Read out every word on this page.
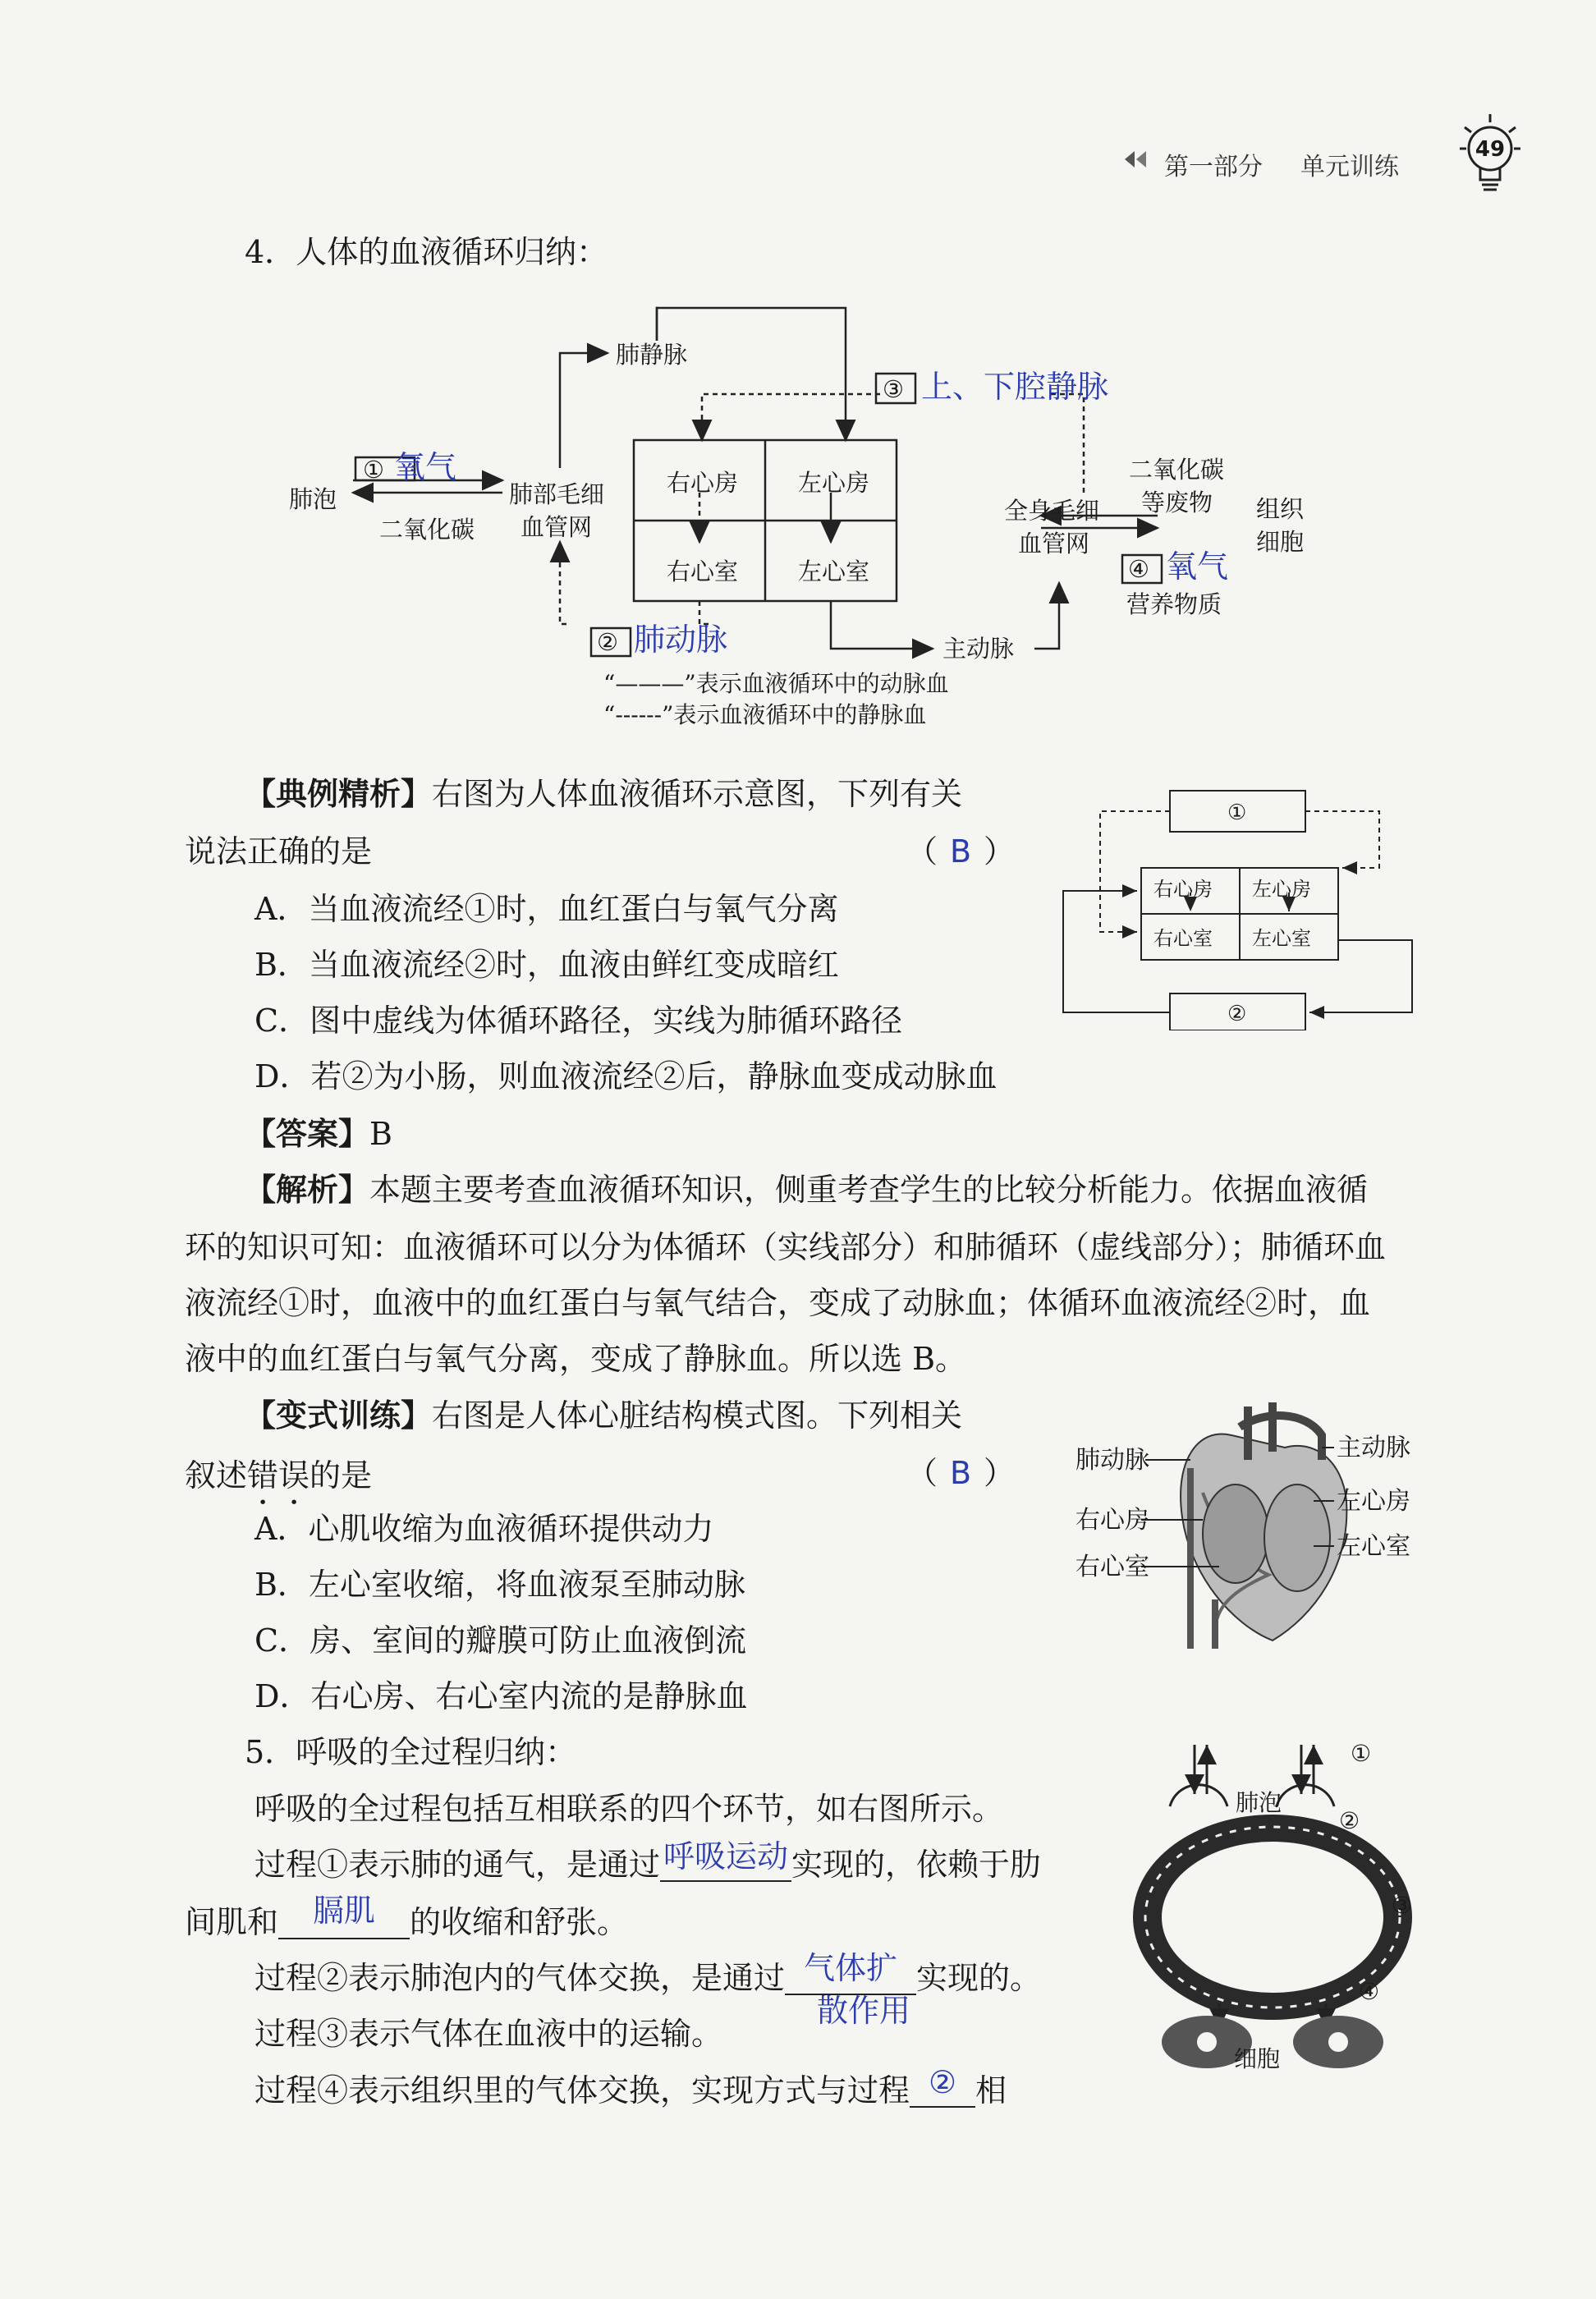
第一部分 单元训练
49
4．人体的血液循环归纳：
肺泡	肺部毛细
血管网
二氧化碳
①
肺静脉
③
右心房	左心房
右心室	左心室
②	主动脉
全身毛细
血管网
二氧化碳
等废物 组织
细胞
④
营养物质
氧气
上、下腔静脉
肺动脉
氧气
“———”表示血液循环中的动脉血
“------”表示血液循环中的静脉血
【典例精析】右图为人体血液循环示意图，下列有关
说法正确的是	（ B ）
A．当血液流经①时，血红蛋白与氧气分离
B．当血液流经②时，血液由鲜红变成暗红
C．图中虚线为体循环路径，实线为肺循环路径
D．若②为小肠，则血液流经②后，静脉血变成动脉血
【答案】B
【解析】本题主要考查血液循环知识，侧重考查学生的比较分析能力。依据血液循
环的知识可知：血液循环可以分为体循环（实线部分）和肺循环（虚线部分）；肺循环血
液流经①时，血液中的血红蛋白与氧气结合，变成了动脉血；体循环血液流经②时，血
液中的血红蛋白与氧气分离，变成了静脉血。所以选 B。
①
②
右心房 左心房
右心室 左心室
【变式训练】右图是人体心脏结构模式图。下列相关
叙述错误的是	（ B ）
A．心肌收缩为血液循环提供动力
B．左心室收缩，将血液泵至肺动脉
C．房、室间的瓣膜可防止血液倒流
D．右心房、右心室内流的是静脉血
肺动脉	主动脉
左心房
右心房
左心室
右心室
5．呼吸的全过程归纳：
呼吸的全过程包括互相联系的四个环节，如右图所示。
过程①表示肺的通气，是通过 呼吸运动 实现的，依赖于肋
间肌和	膈肌	的收缩和舒张。
过程②表示肺泡内的气体交换，是通过 气体扩 实现的。
散作用
过程③表示气体在血液中的运输。
过程④表示组织里的气体交换，实现方式与过程 ② 相
①
②
③
④
肺泡
细胞
